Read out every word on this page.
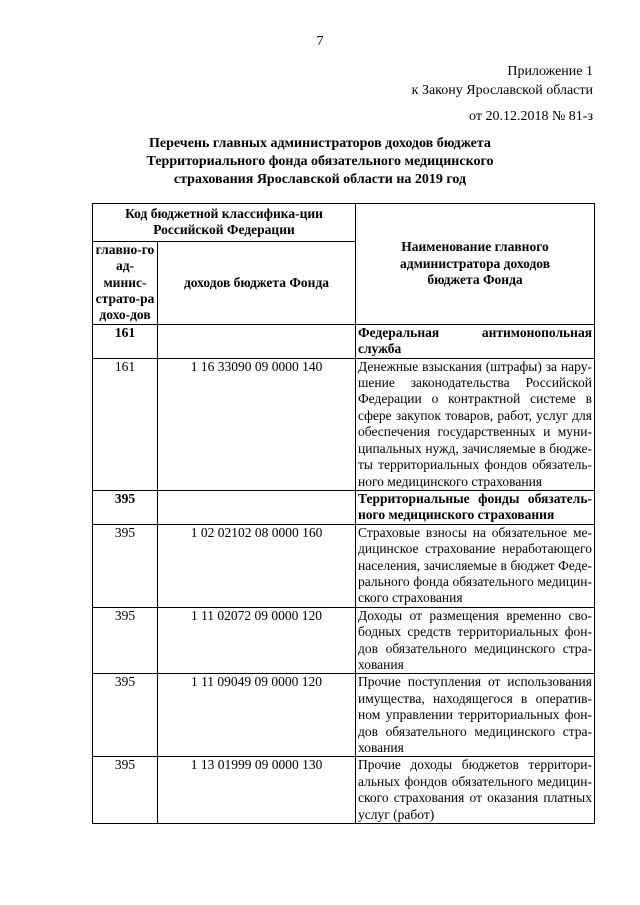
7
Приложение 1
к Закону Ярославской области
от 20.12.2018 № 81-з
Перечень главных администраторов доходов бюджета
Территориального фонда обязательного медицинского
страхования Ярославской области на 2019 год
Код бюджетной классифика-ции Российской Федерации		Наименование главного администратора доходов бюджета Фонда
главно-го ад-минис-страто-ра дохо-дов	доходов бюджета Фонда	
161		Федеральная антимонопольная служба
161	1 16 33090 09 0000 140	Денежные взыскания (штрафы) за нару-шение законодательства Российской Федерации о контрактной системе в сфере закупок товаров, работ, услуг для обеспечения государственных и муни-ципальных нужд, зачисляемые в бюдже-ты территориальных фондов обязатель-ного медицинского страхования
395		Территориальные фонды обязатель-ного медицинского страхования
395	1 02 02102 08 0000 160	Страховые взносы на обязательное ме-дицинское страхование неработающего населения, зачисляемые в бюджет Феде-рального фонда обязательного медицин-ского страхования
395	1 11 02072 09 0000 120	Доходы от размещения временно сво-бодных средств территориальных фон-дов обязательного медицинского стра-хования
395	1 11 09049 09 0000 120	Прочие поступления от использования имущества, находящегося в оператив-ном управлении территориальных фон-дов обязательного медицинского стра-хования
395	1 13 01999 09 0000 130	Прочие доходы бюджетов территори-альных фондов обязательного медицин-ского страхования от оказания платных услуг (работ)
